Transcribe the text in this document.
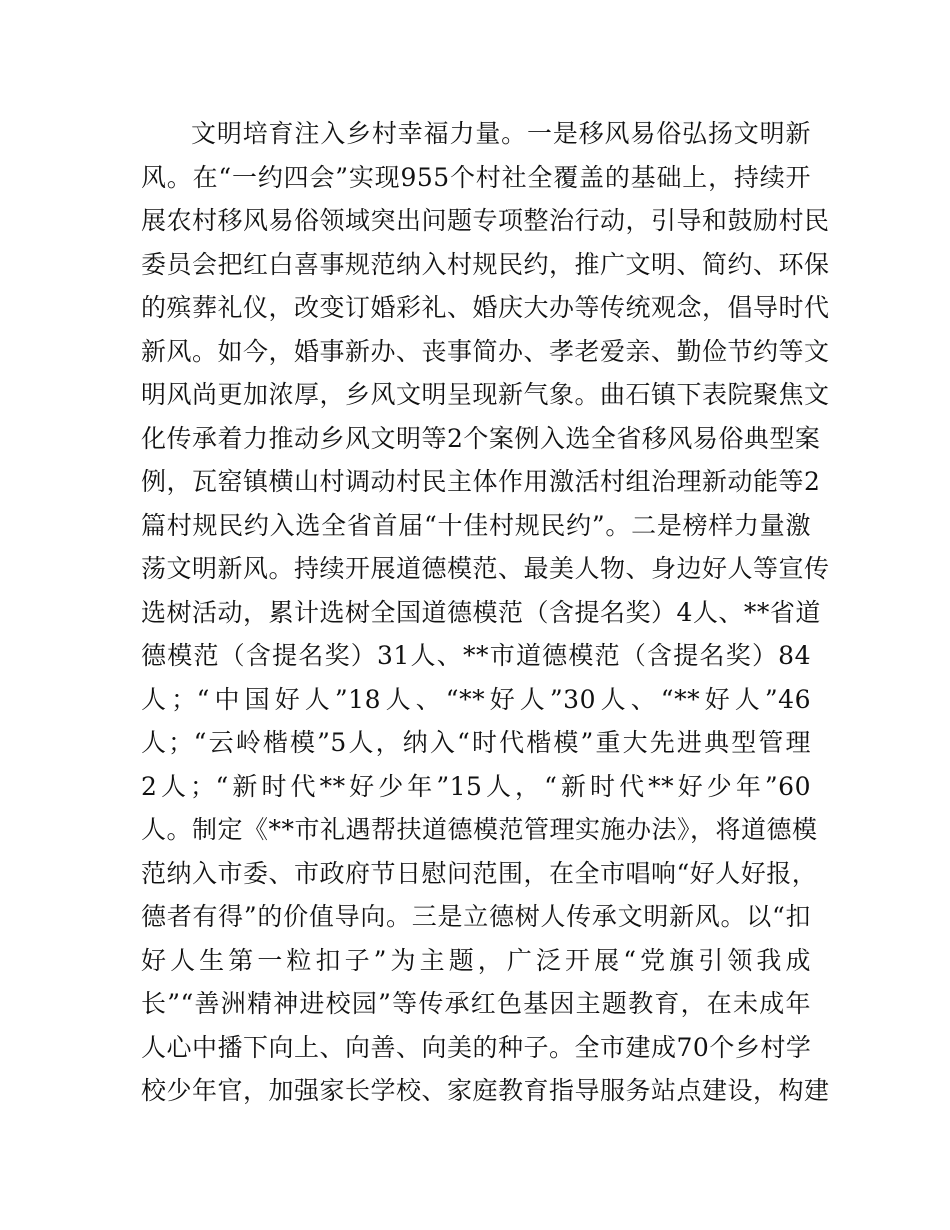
文明培育注入乡村幸福力量。一是移风易俗弘扬文明新
风。在“一约四会”实现955个村社全覆盖的基础上，持续开
展农村移风易俗领域突出问题专项整治行动，引导和鼓励村民
委员会把红白喜事规范纳入村规民约，推广文明、简约、环保
的殡葬礼仪，改变订婚彩礼、婚庆大办等传统观念，倡导时代
新风。如今，婚事新办、丧事简办、孝老爱亲、勤俭节约等文
明风尚更加浓厚，乡风文明呈现新气象。曲石镇下表院聚焦文
化传承着力推动乡风文明等2个案例入选全省移风易俗典型案
例，瓦窑镇横山村调动村民主体作用激活村组治理新动能等2
篇村规民约入选全省首届“十佳村规民约”。二是榜样力量激
荡文明新风。持续开展道德模范、最美人物、身边好人等宣传
选树活动，累计选树全国道德模范（含提名奖）4人、**省道
德模范（含提名奖）31人、**市道德模范（含提名奖）84
人；“中国好人”18人、“**好人”30人、“**好人”46
人；“云岭楷模”5人，纳入“时代楷模”重大先进典型管理
2人；“新时代**好少年”15人，“新时代**好少年”60
人。制定《**市礼遇帮扶道德模范管理实施办法》，将道德模
范纳入市委、市政府节日慰问范围，在全市唱响“好人好报，
德者有得”的价值导向。三是立德树人传承文明新风。以“扣
好人生第一粒扣子”为主题，广泛开展“党旗引领我成
长”“善洲精神进校园”等传承红色基因主题教育，在未成年
人心中播下向上、向善、向美的种子。全市建成70个乡村学
校少年官，加强家长学校、家庭教育指导服务站点建设，构建
